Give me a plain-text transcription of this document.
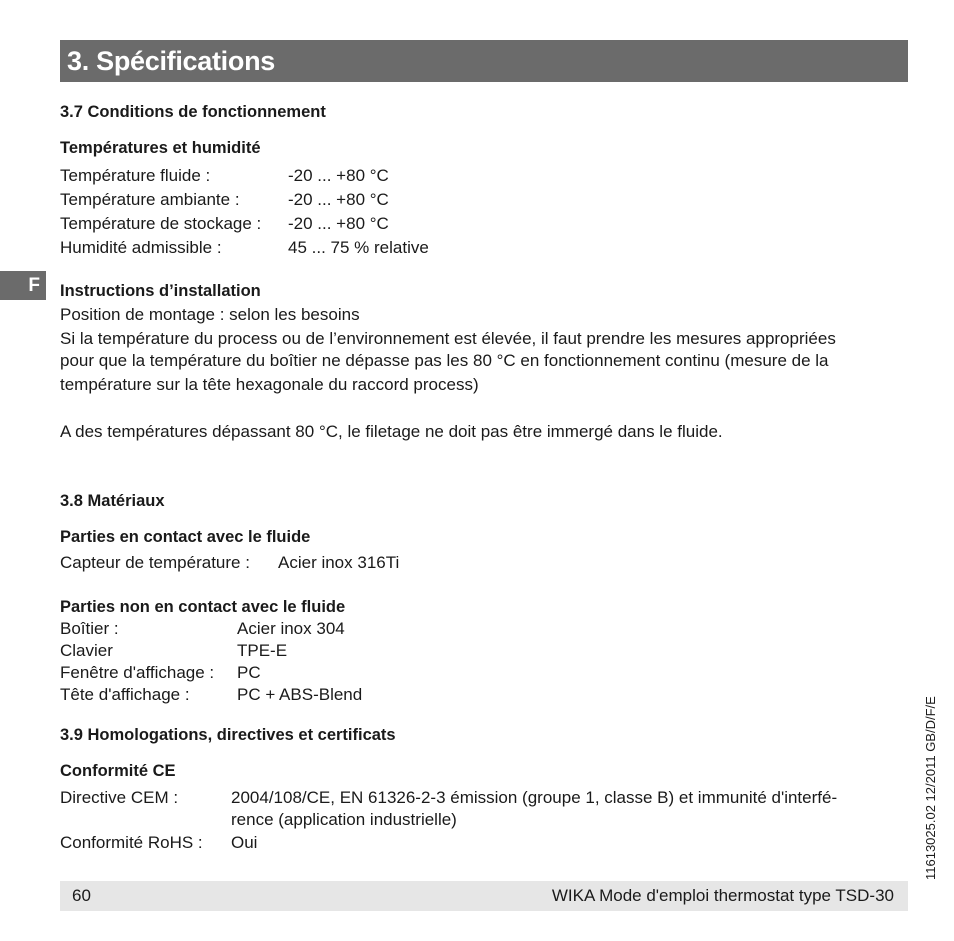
3. Spécifications
F
3.7 Conditions de fonctionnement
Températures et humidité
Température fluide :	-20 ... +80 °C
Température ambiante :	-20 ... +80 °C
Température de stockage : -20 ... +80 °C
Humidité admissible :	45 ... 75 % relative
Instructions d’installation
Position de montage : selon les besoins
Si la température du process ou de l’environnement est élevée, il faut prendre les mesures appropriées
pour que la température du boîtier ne dépasse pas les 80 °C en fonctionnement continu (mesure de la
température sur la tête hexagonale du raccord process)
A des températures dépassant 80 °C, le filetage ne doit pas être immergé dans le fluide.
3.8 Matériaux
Parties en contact avec le fluide
Capteur de température : Acier inox 316Ti
Parties non en contact avec le fluide
Boîtier :	Acier inox 304
Clavier	TPE-E
Fenêtre d'affichage : PC
Tête d'affichage :	PC + ABS-Blend
3.9 Homologations, directives et certificats
Conformité CE
Directive CEM :	2004/108/CE, EN 61326-2-3 émission (groupe 1, classe B) et immunité d'interfé-
rence (application industrielle)
Conformité RoHS : Oui
60	WIKA Mode d'emploi thermostat type TSD-30
11613025.02 12/2011 GB/D/F/E
